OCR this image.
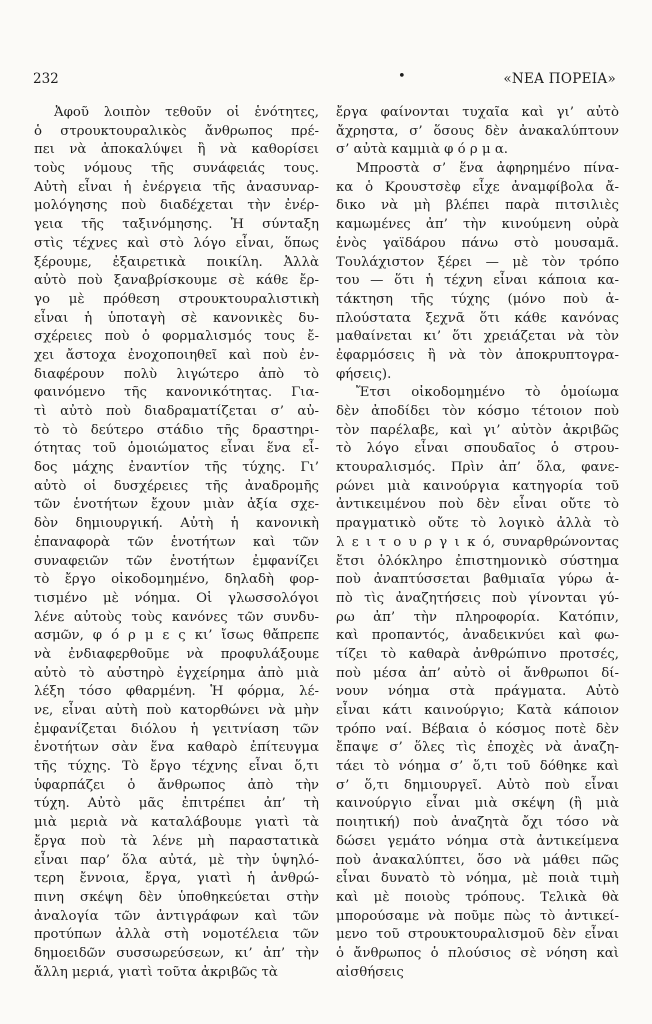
232	•	«ΝΕΑ ΠΟΡΕΙΑ»
Ἀφοῦ λοιπὸν τεθοῦν οἱ ἑνότητες,
ὁ στρουκτουραλικὸς ἄνθρωπος πρέ-
πει νὰ ἀποκαλύψει ἢ νὰ καθορίσει
τοὺς νόμους τῆς συνάφειάς τους.
Αὐτὴ εἶναι ἡ ἐνέργεια τῆς ἀνασυναρ-
μολόγησης ποὺ διαδέχεται τὴν ἐνέρ-
γεια τῆς ταξινόμησης. Ἡ σύνταξη
στὶς τέχνες καὶ στὸ λόγο εἶναι, ὅπως
ξέρουμε, ἐξαιρετικὰ ποικίλη. Ἀλλὰ
αὐτὸ ποὺ ξαναβρίσκουμε σὲ κάθε ἔρ-
γο μὲ πρόθεση στρουκτουραλιστικὴ
εἶναι ἡ ὑποταγὴ σὲ κανονικὲς δυ-
σχέρειες ποὺ ὁ φορμαλισμός τους ἔ-
χει ἄστοχα ἐνοχοποιηθεῖ καὶ ποὺ ἐν-
διαφέρουν πολὺ λιγώτερο ἀπὸ τὸ
φαινόμενο τῆς κανονικότητας. Για-
τὶ αὐτὸ ποὺ διαδραματίζεται σ’ αὐ-
τὸ τὸ δεύτερο στάδιο τῆς δραστηρι-
ότητας τοῦ ὁμοιώματος εἶναι ἕνα εἶ-
δος μάχης ἐναντίον τῆς τύχης. Γι’
αὐτὸ οἱ δυσχέρειες τῆς ἀναδρομῆς
τῶν ἑνοτήτων ἔχουν μιὰν ἀξία σχε-
δὸν δημιουργική. Αὐτὴ ἡ κανονικὴ
ἐπαναφορὰ τῶν ἑνοτήτων καὶ τῶν
συναφειῶν τῶν ἑνοτήτων ἐμφανίζει
τὸ ἔργο οἰκοδομημένο, δηλαδὴ φορ-
τισμένο μὲ νόημα. Οἱ γλωσσολόγοι
λένε αὐτοὺς τοὺς κανόνες τῶν συνδυ-
ασμῶν, φ ό ρ μ ε ς κι’ ἴσως θἄπρεπε
νὰ ἐνδιαφερθοῦμε νὰ προφυλάξουμε
αὐτὸ τὸ αὐστηρὸ ἐγχείρημα ἀπὸ μιὰ
λέξη τόσο φθαρμένη. Ἡ φόρμα, λέ-
νε, εἶναι αὐτὴ ποὺ κατορθώνει νὰ μὴν
ἐμφανίζεται διόλου ἡ γειτνίαση τῶν
ἑνοτήτων σὰν ἕνα καθαρὸ ἐπίτευγμα
τῆς τύχης. Τὸ ἔργο τέχνης εἶναι ὅ,τι
ὑφαρπάζει ὁ ἄνθρωπος ἀπὸ τὴν
τύχη. Αὐτὸ μᾶς ἐπιτρέπει ἀπ’ τὴ
μιὰ μεριὰ νὰ καταλάβουμε γιατὶ τὰ
ἔργα ποὺ τὰ λένε μὴ παραστατικὰ
εἶναι παρ’ ὅλα αὐτά, μὲ τὴν ὑψηλό-
τερη ἔννοια, ἔργα, γιατὶ ἡ ἀνθρώ-
πινη σκέψη δὲν ὑποθηκεύεται στὴν
ἀναλογία τῶν ἀντιγράφων καὶ τῶν
προτύπων ἀλλὰ στὴ νομοτέλεια τῶν
δημοειδῶν συσσωρεύσεων, κι’ ἀπ’ τὴν
ἄλλη μεριά, γιατὶ τοῦτα ἀκριβῶς τὰ
ἔργα φαίνονται τυχαῖα καὶ γι’ αὐτὸ
ἄχρηστα, σ’ ὅσους δὲν ἀνακαλύπτουν
σ’ αὐτὰ καμμιὰ φ ό ρ μ α.
Μπροστὰ σ’ ἕνα ἀφηρημένο πίνα-
κα ὁ Κρουστσὲφ εἶχε ἀναμφίβολα ἄ-
δικο νὰ μὴ βλέπει παρὰ πιτσιλιὲς
καμωμένες ἀπ’ τὴν κινούμενη οὐρὰ
ἑνὸς γαϊδάρου πάνω στὸ μουσαμᾶ.
Τουλάχιστον ξέρει — μὲ τὸν τρόπο
του — ὅτι ἡ τέχνη εἶναι κάποια κα-
τάκτηση τῆς τύχης (μόνο ποὺ ἀ-
πλούστατα ξεχνᾶ ὅτι κάθε κανόνας
μαθαίνεται κι’ ὅτι χρειάζεται νὰ τὸν
ἐφαρμόσεις ἢ νὰ τὸν ἀποκρυπτογρα-
φήσεις).
Ἔτσι οἰκοδομημένο τὸ ὁμοίωμα
δὲν ἀποδίδει τὸν κόσμο τέτοιον ποὺ
τὸν παρέλαβε, καὶ γι’ αὐτὸν ἀκριβῶς
τὸ λόγο εἶναι σπουδαῖος ὁ στρου-
κτουραλισμός. Πρὶν ἀπ’ ὅλα, φανε-
ρώνει μιὰ καινούργια κατηγορία τοῦ
ἀντικειμένου ποὺ δὲν εἶναι οὔτε τὸ
πραγματικὸ οὔτε τὸ λογικὸ ἀλλὰ τὸ
λ ε ι τ ο υ ρ γ ι κ ό, συναρθρώνοντας
ἔτσι ὁλόκληρο ἐπιστημονικὸ σύστημα
ποὺ ἀναπτύσσεται βαθμιαῖα γύρω ἀ-
πὸ τὶς ἀναζητήσεις ποὺ γίνονται γύ-
ρω ἀπ’ τὴν πληροφορία. Κατόπιν,
καὶ προπαντός, ἀναδεικνύει καὶ φω-
τίζει τὸ καθαρὰ ἀνθρώπινο προτσές,
ποὺ μέσα ἀπ’ αὐτὸ οἱ ἄνθρωποι δί-
νουν νόημα στὰ πράγματα. Αὐτὸ
εἶναι κάτι καινούργιο; Κατὰ κάποιον
τρόπο ναί. Βέβαια ὁ κόσμος ποτὲ δὲν
ἔπαψε σ’ ὅλες τὶς ἐποχὲς νὰ ἀναζη-
τάει τὸ νόημα σ’ ὅ,τι τοῦ δόθηκε καὶ
σ’ ὅ,τι δημιουργεῖ. Αὐτὸ ποὺ εἶναι
καινούργιο εἶναι μιὰ σκέψη (ἢ μιὰ
ποιητική) ποὺ ἀναζητὰ ὄχι τόσο νὰ
δώσει γεμάτο νόημα στὰ ἀντικείμενα
ποὺ ἀνακαλύπτει, ὅσο νὰ μάθει πῶς
εἶναι δυνατὸ τὸ νόημα, μὲ ποιὰ τιμὴ
καὶ μὲ ποιοὺς τρόπους. Τελικὰ θὰ
μπορούσαμε νὰ ποῦμε πὼς τὸ ἀντικεί-
μενο τοῦ στρουκτουραλισμοῦ δὲν εἶναι
ὁ ἄνθρωπος ὁ πλούσιος σὲ νόηση καὶ
αἰσθήσεις
